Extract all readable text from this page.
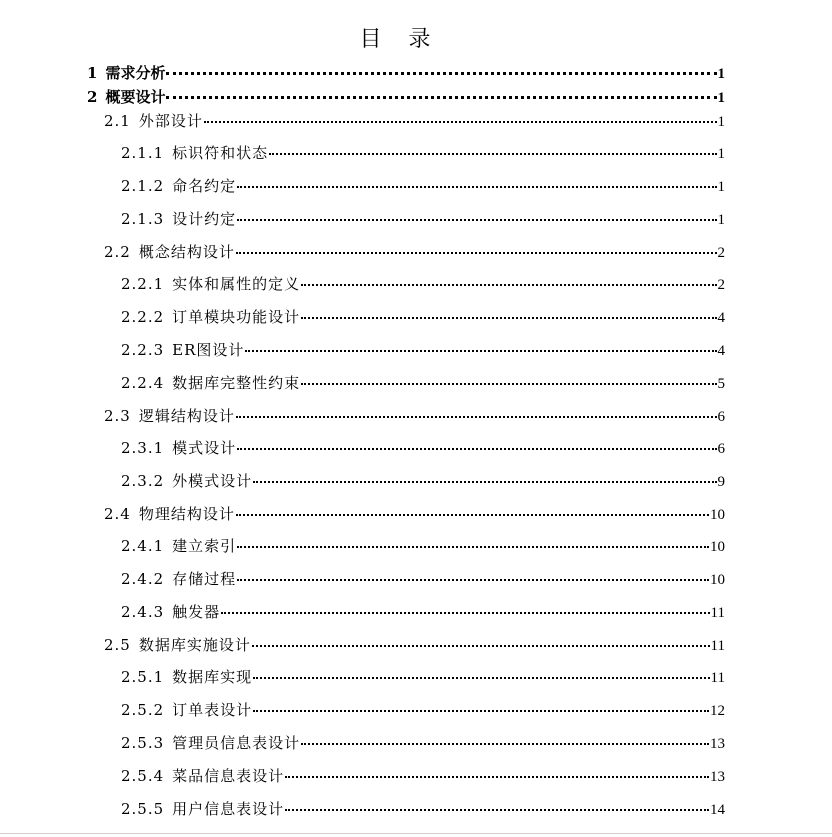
目 录
1 需求分析	1
2 概要设计	1
2.1 外部设计	1
2.1.1 标识符和状态	1
2.1.2 命名约定	1
2.1.3 设计约定	1
2.2 概念结构设计	2
2.2.1 实体和属性的定义	2
2.2.2 订单模块功能设计	4
2.2.3 ER图设计	4
2.2.4 数据库完整性约束	5
2.3 逻辑结构设计	6
2.3.1 模式设计	6
2.3.2 外模式设计	9
2.4 物理结构设计	10
2.4.1 建立索引	10
2.4.2 存储过程	10
2.4.3 触发器	11
2.5 数据库实施设计	11
2.5.1 数据库实现	11
2.5.2 订单表设计	12
2.5.3 管理员信息表设计	13
2.5.4 菜品信息表设计	13
2.5.5 用户信息表设计	14
